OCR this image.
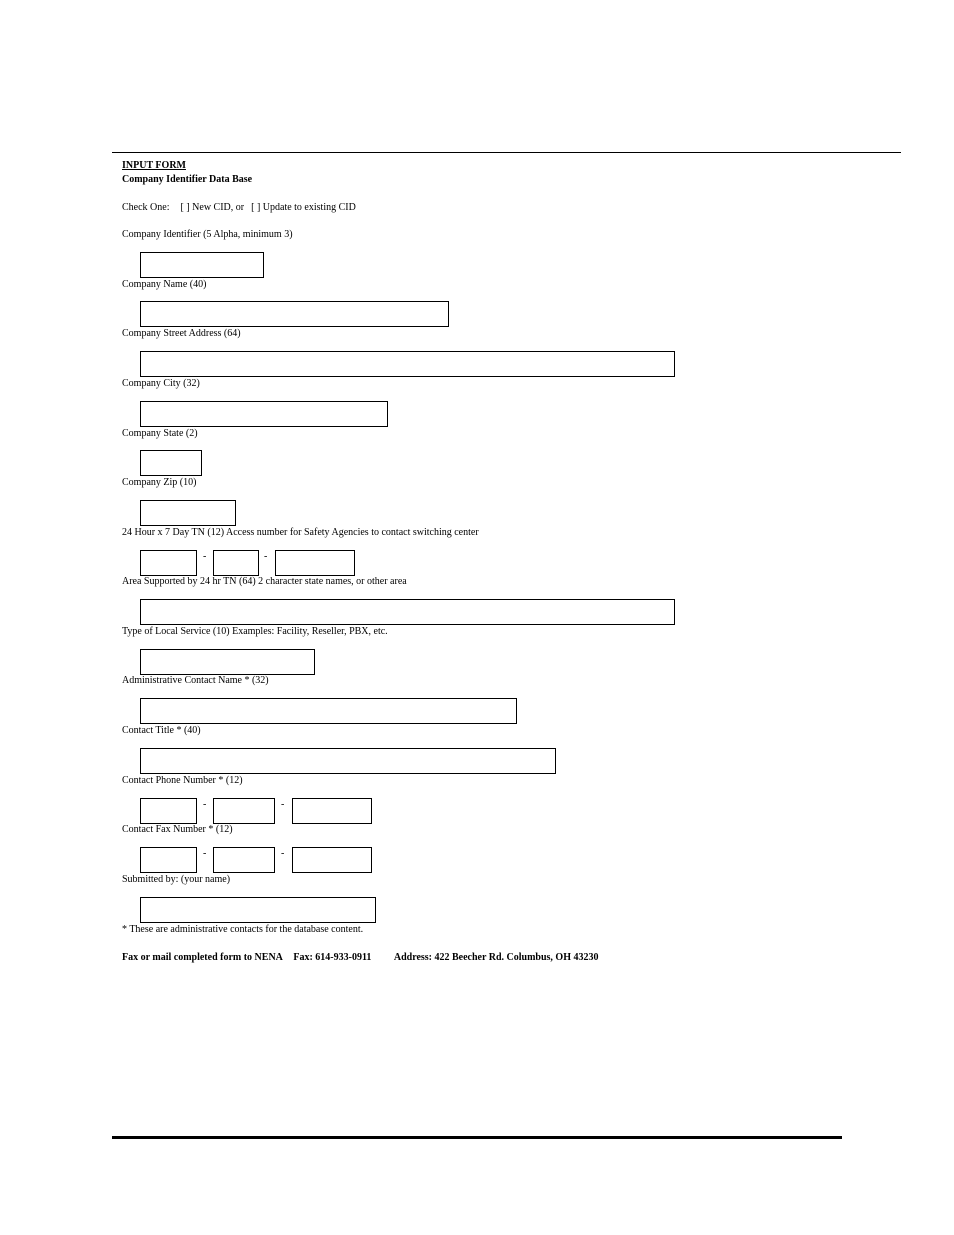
INPUT FORM
Company Identifier Data Base
Check One: [ ] New CID, or [ ] Update to existing CID
Company Identifier (5 Alpha, minimum 3)
Company Name (40)
Company Street Address (64)
Company City (32)
Company State (2)
Company Zip (10)
24 Hour x 7 Day TN (12) Access number for Safety Agencies to contact switching center
-	-
Area Supported by 24 hr TN (64) 2 character state names, or other area
Type of Local Service (10) Examples: Facility, Reseller, PBX, etc.
Administrative Contact Name * (32)
Contact Title * (40)
Contact Phone Number * (12)
-	-
Contact Fax Number * (12)
-	-
Submitted by: (your name)
* These are administrative contacts for the database content.
Fax or mail completed form to NENA Fax: 614-933-0911 Address: 422 Beecher Rd. Columbus, OH 43230
